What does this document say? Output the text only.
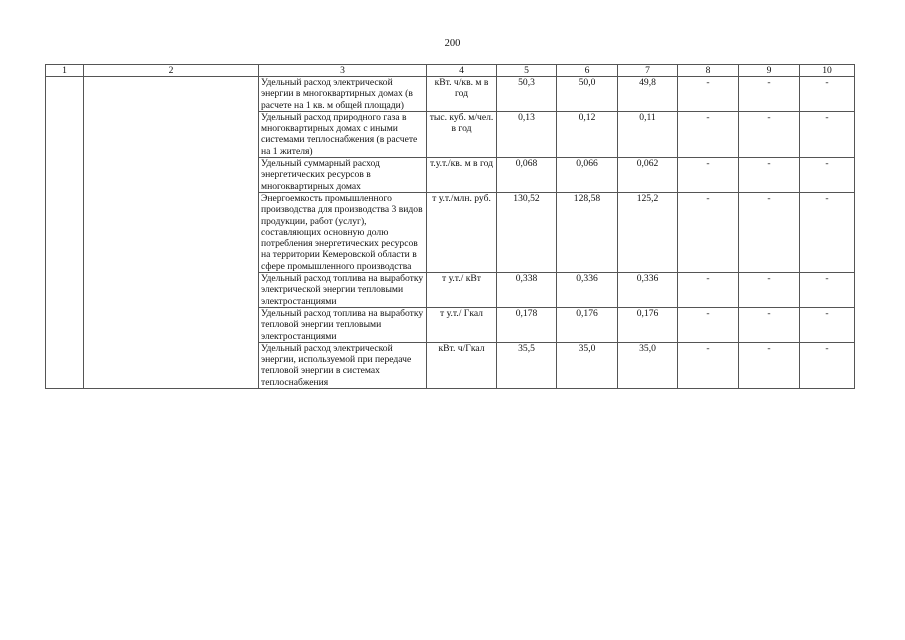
200
1	2	3	4	5	6	7	8	9	10
		Удельный расход электрической энергии в многоквартирных домах (в расчете на 1 кв. м общей площади)	кВт. ч/кв. м в год	50,3	50,0	49,8	-	-	-
		Удельный расход природного газа в многоквартирных домах с иными системами теплоснабжения (в расчете на 1 жителя)	тыс. куб. м/чел. в год	0,13	0,12	0,11	-	-	-
		Удельный суммарный расход энергетических ресурсов в многоквартирных домах	т.у.т./кв. м в год	0,068	0,066	0,062	-	-	-
		Энергоемкость промышленного производства для производства 3 видов продукции, работ (услуг), составляющих основную долю потребления энергетических ресурсов на территории Кемеровской области в сфере промышленного производства	т у.т./млн. руб.	130,52	128,58	125,2	-	-	-
		Удельный расход топлива на выработку электрической энергии тепловыми электростанциями	т у.т./ кВт	0,338	0,336	0,336	-	-	-
		Удельный расход топлива на выработку тепловой энергии тепловыми электростанциями	т у.т./ Гкал	0,178	0,176	0,176	-	-	-
		Удельный расход электрической энергии, используемой при передаче тепловой энергии в системах теплоснабжения	кВт. ч/Гкал	35,5	35,0	35,0	-	-	-
